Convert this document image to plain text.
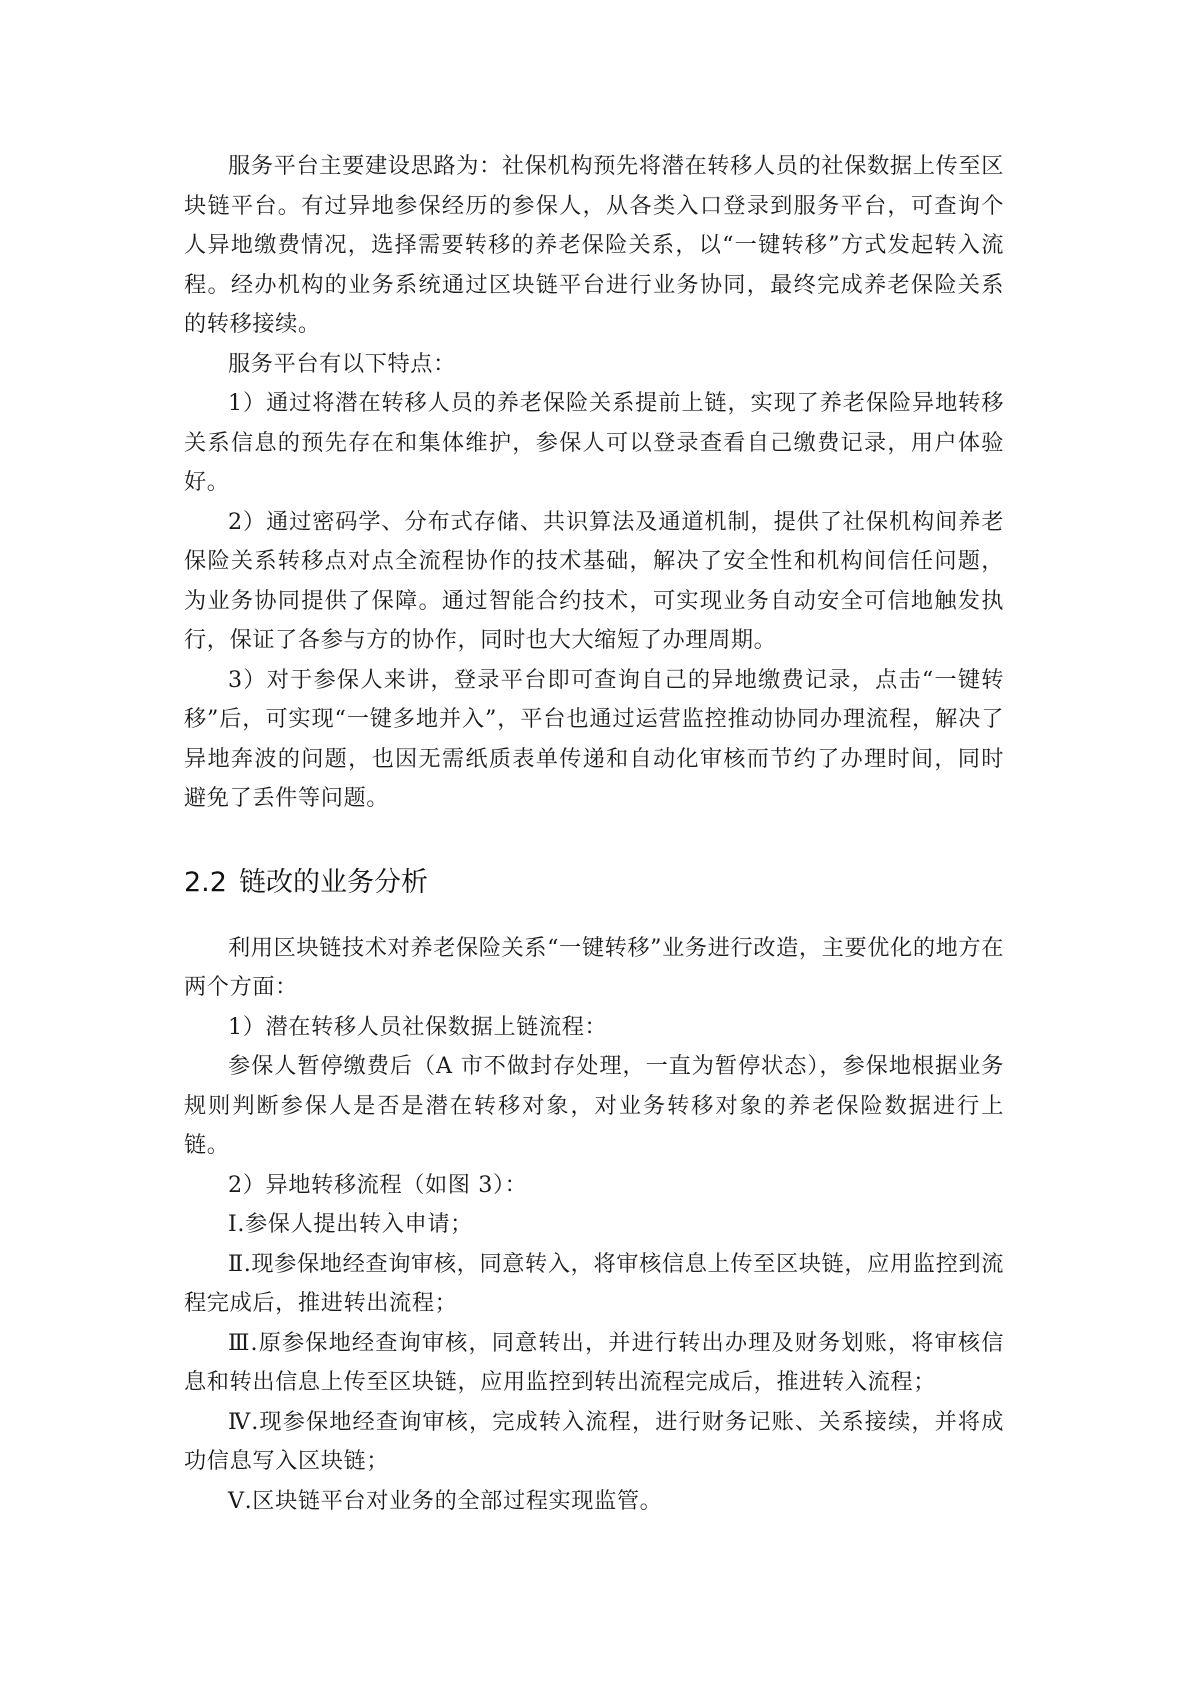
服务平台主要建设思路为：社保机构预先将潜在转移人员的社保数据上传至区块链平台。有过异地参保经历的参保人，从各类入口登录到服务平台，可查询个人异地缴费情况，选择需要转移的养老保险关系，以“一键转移”方式发起转入流程。经办机构的业务系统通过区块链平台进行业务协同，最终完成养老保险关系的转移接续。

服务平台有以下特点：

1）通过将潜在转移人员的养老保险关系提前上链，实现了养老保险异地转移关系信息的预先存在和集体维护，参保人可以登录查看自己缴费记录，用户体验好。

2）通过密码学、分布式存储、共识算法及通道机制，提供了社保机构间养老保险关系转移点对点全流程协作的技术基础，解决了安全性和机构间信任问题，为业务协同提供了保障。通过智能合约技术，可实现业务自动安全可信地触发执行，保证了各参与方的协作，同时也大大缩短了办理周期。

3）对于参保人来讲，登录平台即可查询自己的异地缴费记录，点击“一键转移”后，可实现“一键多地并入”，平台也通过运营监控推动协同办理流程，解决了异地奔波的问题，也因无需纸质表单传递和自动化审核而节约了办理时间，同时避免了丢件等问题。

2.2 链改的业务分析

利用区块链技术对养老保险关系“一键转移”业务进行改造，主要优化的地方在两个方面：

1）潜在转移人员社保数据上链流程：

参保人暂停缴费后（A 市不做封存处理，一直为暂停状态），参保地根据业务规则判断参保人是否是潜在转移对象，对业务转移对象的养老保险数据进行上链。

2）异地转移流程（如图 3）：

Ⅰ.参保人提出转入申请；

Ⅱ.现参保地经查询审核，同意转入，将审核信息上传至区块链，应用监控到流程完成后，推进转出流程；

Ⅲ.原参保地经查询审核，同意转出，并进行转出办理及财务划账，将审核信息和转出信息上传至区块链，应用监控到转出流程完成后，推进转入流程；

Ⅳ.现参保地经查询审核，完成转入流程，进行财务记账、关系接续，并将成功信息写入区块链；

Ⅴ.区块链平台对业务的全部过程实现监管。
